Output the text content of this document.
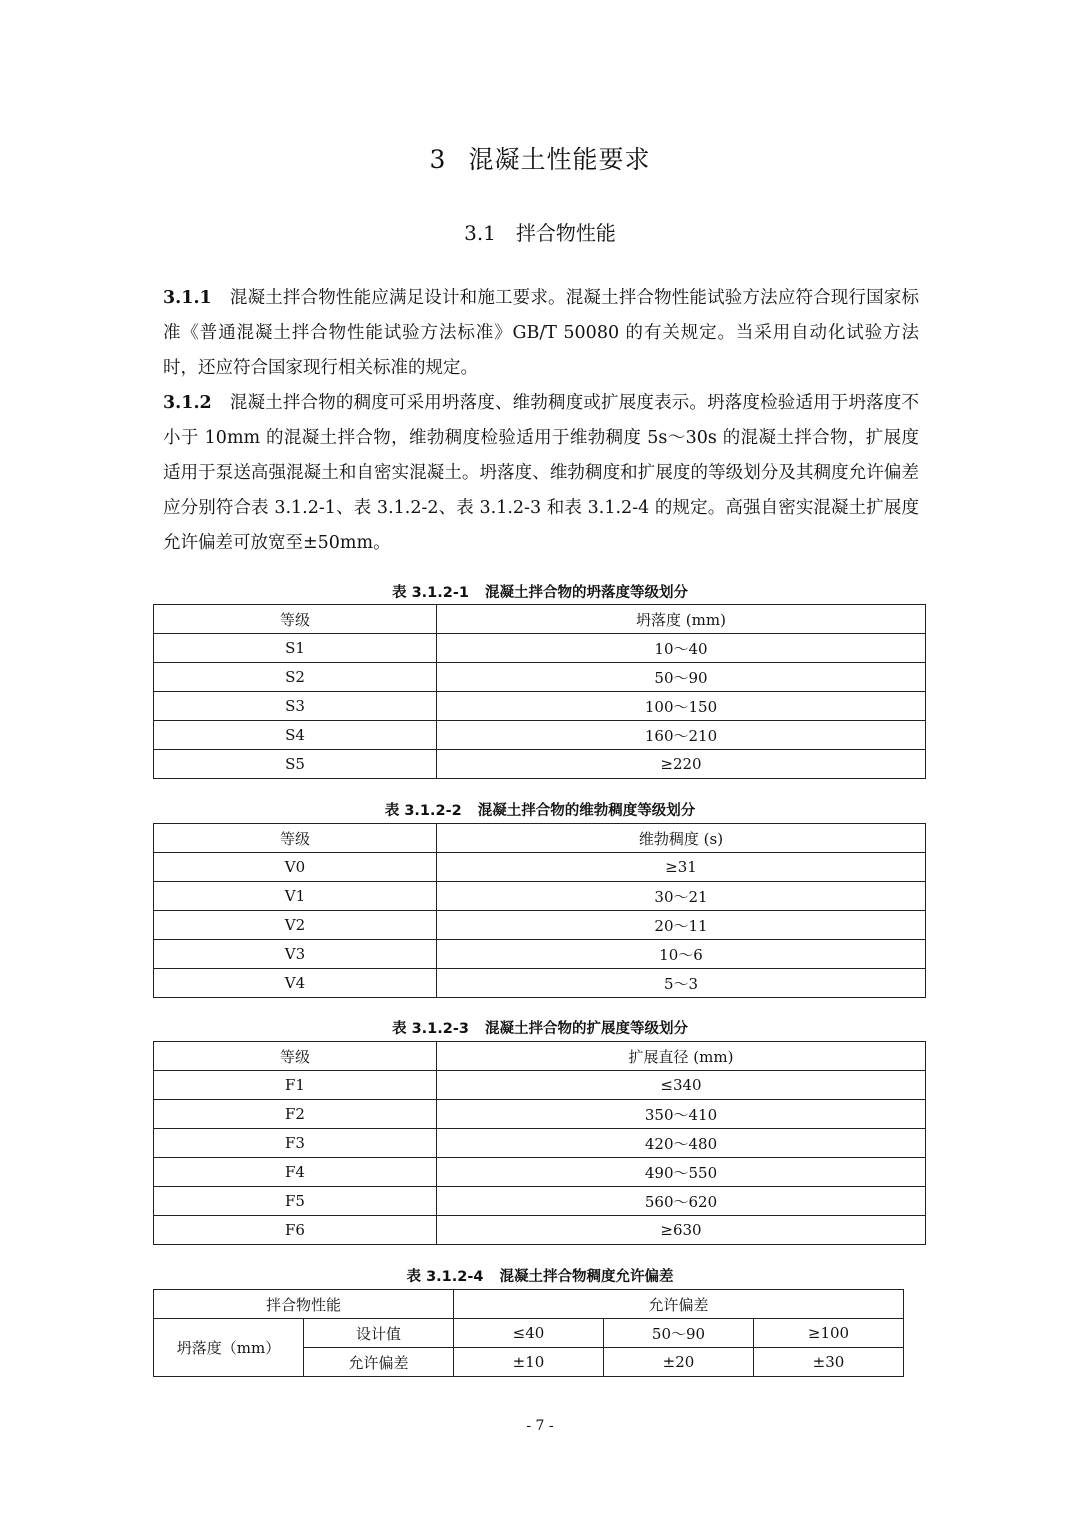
3 混凝土性能要求
3.1 拌合物性能
3.1.1 混凝土拌合物性能应满足设计和施工要求。混凝土拌合物性能试验方法应符合现行国家标准《普通混凝土拌合物性能试验方法标准》GB/T 50080 的有关规定。当采用自动化试验方法时，还应符合国家现行相关标准的规定。
3.1.2 混凝土拌合物的稠度可采用坍落度、维勃稠度或扩展度表示。坍落度检验适用于坍落度不小于 10mm 的混凝土拌合物，维勃稠度检验适用于维勃稠度 5s～30s 的混凝土拌合物，扩展度适用于泵送高强混凝土和自密实混凝土。坍落度、维勃稠度和扩展度的等级划分及其稠度允许偏差应分别符合表 3.1.2-1、表 3.1.2-2、表 3.1.2-3 和表 3.1.2-4 的规定。高强自密实混凝土扩展度允许偏差可放宽至±50mm。
表 3.1.2-1 混凝土拌合物的坍落度等级划分
等级	坍落度 (mm)
S1	10～40
S2	50～90
S3	100～150
S4	160～210
S5	≥220
表 3.1.2-2 混凝土拌合物的维勃稠度等级划分
等级	维勃稠度 (s)
V0	≥31
V1	30～21
V2	20～11
V3	10～6
V4	5～3
表 3.1.2-3 混凝土拌合物的扩展度等级划分
等级	扩展直径 (mm)
F1	≤340
F2	350～410
F3	420～480
F4	490～550
F5	560～620
F6	≥630
表 3.1.2-4 混凝土拌合物稠度允许偏差
拌合物性能		允许偏差		
坍落度（mm）	设计值	≤40	50～90	≥100
	允许偏差	±10	±20	±30
- 7 -
